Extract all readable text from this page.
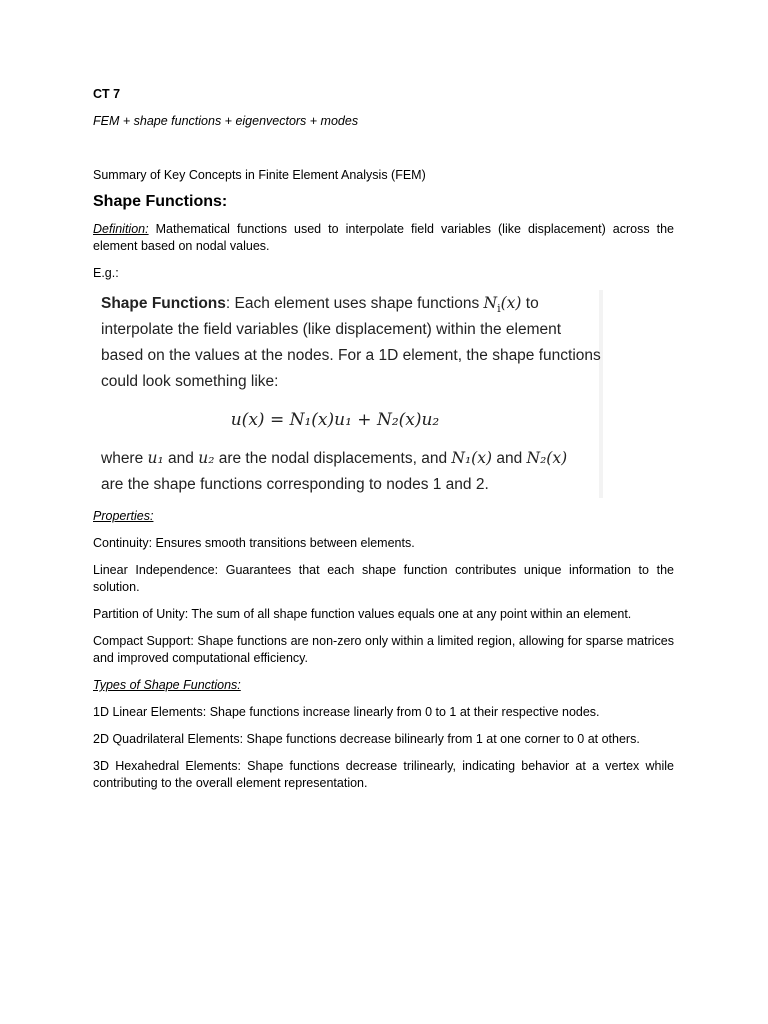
CT 7
FEM + shape functions + eigenvectors + modes
Summary of Key Concepts in Finite Element Analysis (FEM)
Shape Functions:
Definition: Mathematical functions used to interpolate field variables (like displacement) across the element based on nodal values.
E.g.:
Shape Functions: Each element uses shape functions $N_i(x)$ to
interpolate the field variables (like displacement) within the element
based on the values at the nodes. For a 1D element, the shape functions
could look something like:
u(x) = N₁(x)u₁ + N₂(x)u₂
where u₁ and u₂ are the nodal displacements, and N₁(x) and N₂(x)
are the shape functions corresponding to nodes 1 and 2.
Properties:
Continuity: Ensures smooth transitions between elements.
Linear Independence: Guarantees that each shape function contributes unique information to the solution.
Partition of Unity: The sum of all shape function values equals one at any point within an element.
Compact Support: Shape functions are non-zero only within a limited region, allowing for sparse matrices and improved computational efficiency.
Types of Shape Functions:
1D Linear Elements: Shape functions increase linearly from 0 to 1 at their respective nodes.
2D Quadrilateral Elements: Shape functions decrease bilinearly from 1 at one corner to 0 at others.
3D Hexahedral Elements: Shape functions decrease trilinearly, indicating behavior at a vertex while contributing to the overall element representation.
